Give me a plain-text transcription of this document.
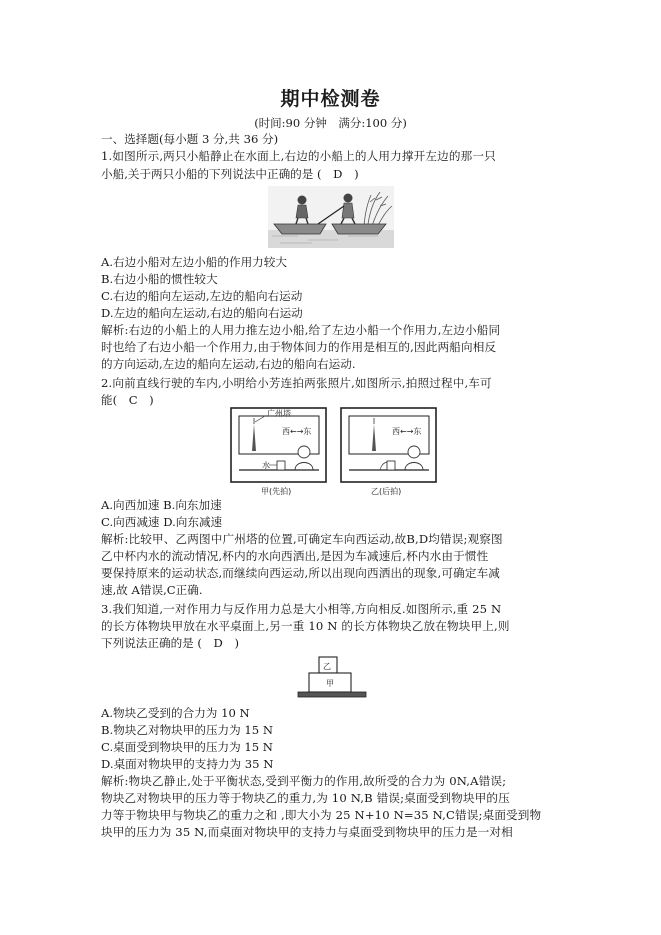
期中检测卷
(时间:90 分钟　满分:100 分)
一、选择题(每小题 3 分,共 36 分)
1.如图所示,两只小船静止在水面上,右边的小船上的人用力撑开左边的那一只
小船,关于两只小船的下列说法中正确的是 (　D　)
A.右边小船对左边小船的作用力较大
B.右边小船的惯性较大
C.右边的船向左运动,左边的船向右运动
D.左边的船向左运动,右边的船向右运动
解析:右边的小船上的人用力推左边小船,给了左边小船一个作用力,左边小船同
时也给了右边小船一个作用力,由于物体间力的作用是相互的,因此两船向相反
的方向运动,左边的船向左运动,右边的船向右运动.
2.向前直线行驶的车内,小明给小芳连拍两张照片,如图所示,拍照过程中,车可
能(　C　)
广州塔
西←→东
水
甲(先拍)
西←→东
乙(后拍)
A.向西加速 B.向东加速
C.向西减速 D.向东减速
解析:比较甲、乙两图中广州塔的位置,可确定车向西运动,故B,D均错误;观察图
乙中杯内水的流动情况,杯内的水向西洒出,是因为车减速后,杯内水由于惯性
要保持原来的运动状态,而继续向西运动,所以出现向西洒出的现象,可确定车减
速,故 A错误,C正确.
3.我们知道,一对作用力与反作用力总是大小相等,方向相反.如图所示,重 25 N
的长方体物块甲放在水平桌面上,另一重 10 N 的长方体物块乙放在物块甲上,则
下列说法正确的是 (　D　)
乙
甲
A.物块乙受到的合力为 10 N
B.物块乙对物块甲的压力为 15 N
C.桌面受到物块甲的压力为 15 N
D.桌面对物块甲的支持力为 35 N
解析:物块乙静止,处于平衡状态,受到平衡力的作用,故所受的合力为 0N,A错误;
物块乙对物块甲的压力等于物块乙的重力,为 10 N,B 错误;桌面受到物块甲的压
力等于物块甲与物块乙的重力之和 ,即大小为 25 N+10 N=35 N,C错误;桌面受到物
块甲的压力为 35 N,而桌面对物块甲的支持力与桌面受到物块甲的压力是一对相
